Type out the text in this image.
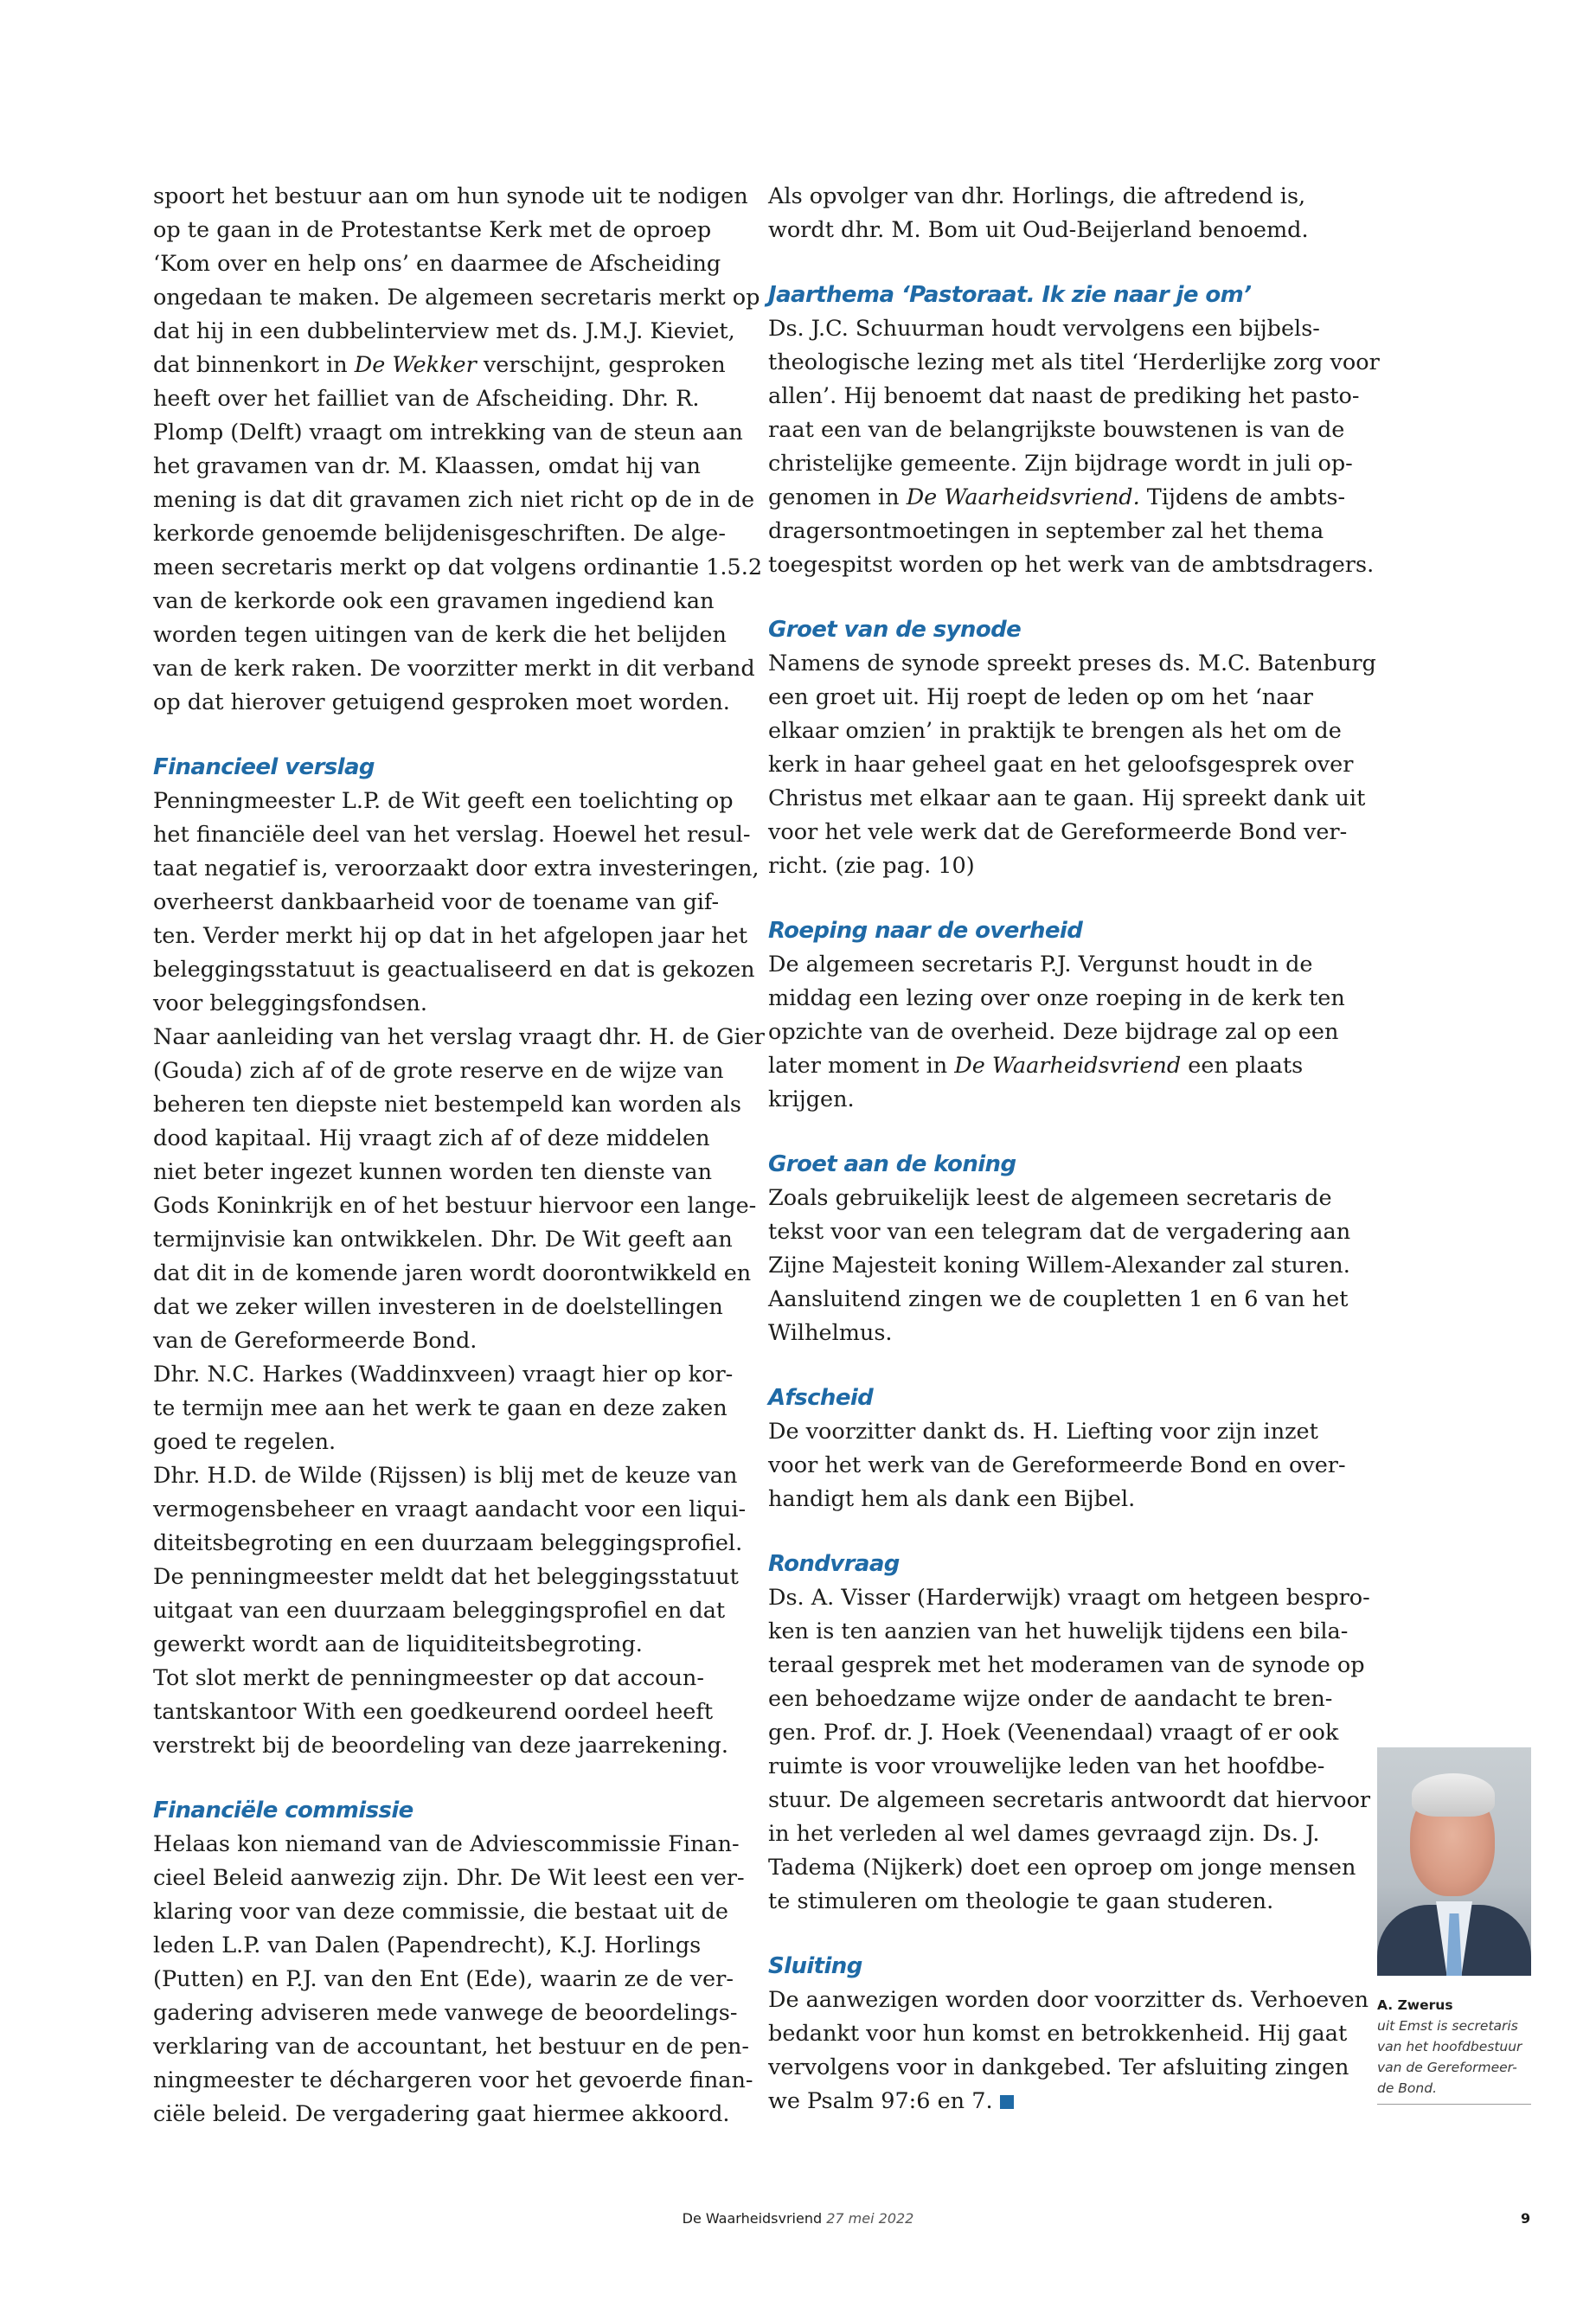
spoort het bestuur aan om hun synode uit te nodigen

op te gaan in de Protestantse Kerk met de oproep

‘Kom over en help ons’ en daarmee de Afscheiding

ongedaan te maken. De algemeen secretaris merkt op

dat hij in een dubbelinterview met ds. J.M.J. Kieviet,

dat binnenkort in De Wekker verschijnt, gesproken

heeft over het failliet van de Afscheiding. Dhr. R.

Plomp (Delft) vraagt om intrekking van de steun aan

het gravamen van dr. M. Klaassen, omdat hij van

mening is dat dit gravamen zich niet richt op de in de

kerkorde genoemde belijdenisgeschriften. De alge-

meen secretaris merkt op dat volgens ordinantie 1.5.2

van de kerkorde ook een gravamen ingediend kan

worden tegen uitingen van de kerk die het belijden

van de kerk raken. De voorzitter merkt in dit verband

op dat hierover getuigend gesproken moet worden.

Financieel verslag

Penningmeester L.P. de Wit geeft een toelichting op

het financiële deel van het verslag. Hoewel het resul-

taat negatief is, veroorzaakt door extra investeringen,

overheerst dankbaarheid voor de toename van gif-

ten. Verder merkt hij op dat in het afgelopen jaar het

beleggingsstatuut is geactualiseerd en dat is gekozen

voor beleggingsfondsen.

Naar aanleiding van het verslag vraagt dhr. H. de Gier

(Gouda) zich af of de grote reserve en de wijze van

beheren ten diepste niet bestempeld kan worden als

dood kapitaal. Hij vraagt zich af of deze middelen

niet beter ingezet kunnen worden ten dienste van

Gods Koninkrijk en of het bestuur hiervoor een lange-

termijnvisie kan ontwikkelen. Dhr. De Wit geeft aan

dat dit in de komende jaren wordt doorontwikkeld en

dat we zeker willen investeren in de doelstellingen

van de Gereformeerde Bond.

Dhr. N.C. Harkes (Waddinxveen) vraagt hier op kor-

te termijn mee aan het werk te gaan en deze zaken

goed te regelen.

Dhr. H.D. de Wilde (Rijssen) is blij met de keuze van

vermogensbeheer en vraagt aandacht voor een liqui-

diteitsbegroting en een duurzaam beleggingsprofiel.

De penningmeester meldt dat het beleggingsstatuut

uitgaat van een duurzaam beleggingsprofiel en dat

gewerkt wordt aan de liquiditeitsbegroting.

Tot slot merkt de penningmeester op dat accoun-

tantskantoor With een goedkeurend oordeel heeft

verstrekt bij de beoordeling van deze jaarrekening.

Financiële commissie

Helaas kon niemand van de Adviescommissie Finan-

cieel Beleid aanwezig zijn. Dhr. De Wit leest een ver-

klaring voor van deze commissie, die bestaat uit de

leden L.P. van Dalen (Papendrecht), K.J. Horlings

(Putten) en P.J. van den Ent (Ede), waarin ze de ver-

gadering adviseren mede vanwege de beoordelings-

verklaring van de accountant, het bestuur en de pen-

ningmeester te déchargeren voor het gevoerde finan-

ciële beleid. De vergadering gaat hiermee akkoord.

Als opvolger van dhr. Horlings, die aftredend is,

wordt dhr. M. Bom uit Oud-Beijerland benoemd.

Jaarthema ‘Pastoraat. Ik zie naar je om’

Ds. J.C. Schuurman houdt vervolgens een bijbels-

theologische lezing met als titel ‘Herderlijke zorg voor

allen’. Hij benoemt dat naast de prediking het pasto-

raat een van de belangrijkste bouwstenen is van de

christelijke gemeente. Zijn bijdrage wordt in juli op-

genomen in De Waarheidsvriend. Tijdens de ambts-

dragersontmoetingen in september zal het thema

toegespitst worden op het werk van de ambtsdragers.

Groet van de synode

Namens de synode spreekt preses ds. M.C. Batenburg

een groet uit. Hij roept de leden op om het ‘naar

elkaar omzien’ in praktijk te brengen als het om de

kerk in haar geheel gaat en het geloofsgesprek over

Christus met elkaar aan te gaan. Hij spreekt dank uit

voor het vele werk dat de Gereformeerde Bond ver-

richt. (zie pag. 10)

Roeping naar de overheid

De algemeen secretaris P.J. Vergunst houdt in de

middag een lezing over onze roeping in de kerk ten

opzichte van de overheid. Deze bijdrage zal op een

later moment in De Waarheidsvriend een plaats

krijgen.

Groet aan de koning

Zoals gebruikelijk leest de algemeen secretaris de

tekst voor van een telegram dat de vergadering aan

Zijne Majesteit koning Willem-Alexander zal sturen.

Aansluitend zingen we de coupletten 1 en 6 van het

Wilhelmus.

Afscheid

De voorzitter dankt ds. H. Liefting voor zijn inzet

voor het werk van de Gereformeerde Bond en over-

handigt hem als dank een Bijbel.

Rondvraag

Ds. A. Visser (Harderwijk) vraagt om hetgeen bespro-

ken is ten aanzien van het huwelijk tijdens een bila-

teraal gesprek met het moderamen van de synode op

een behoedzame wijze onder de aandacht te bren-

gen. Prof. dr. J. Hoek (Veenendaal) vraagt of er ook

ruimte is voor vrouwelijke leden van het hoofdbe-

stuur. De algemeen secretaris antwoordt dat hiervoor

in het verleden al wel dames gevraagd zijn. Ds. J.

Tadema (Nijkerk) doet een oproep om jonge mensen

te stimuleren om theologie te gaan studeren.

Sluiting

De aanwezigen worden door voorzitter ds. Verhoeven

bedankt voor hun komst en betrokkenheid. Hij gaat

vervolgens voor in dankgebed. Ter afsluiting zingen

we Psalm 97:6 en 7.

A. Zwerus

uit Emst is secretaris

van het hoofdbestuur

van de Gereformeer-

de Bond.

De Waarheidsvriend 27 mei 2022	9
